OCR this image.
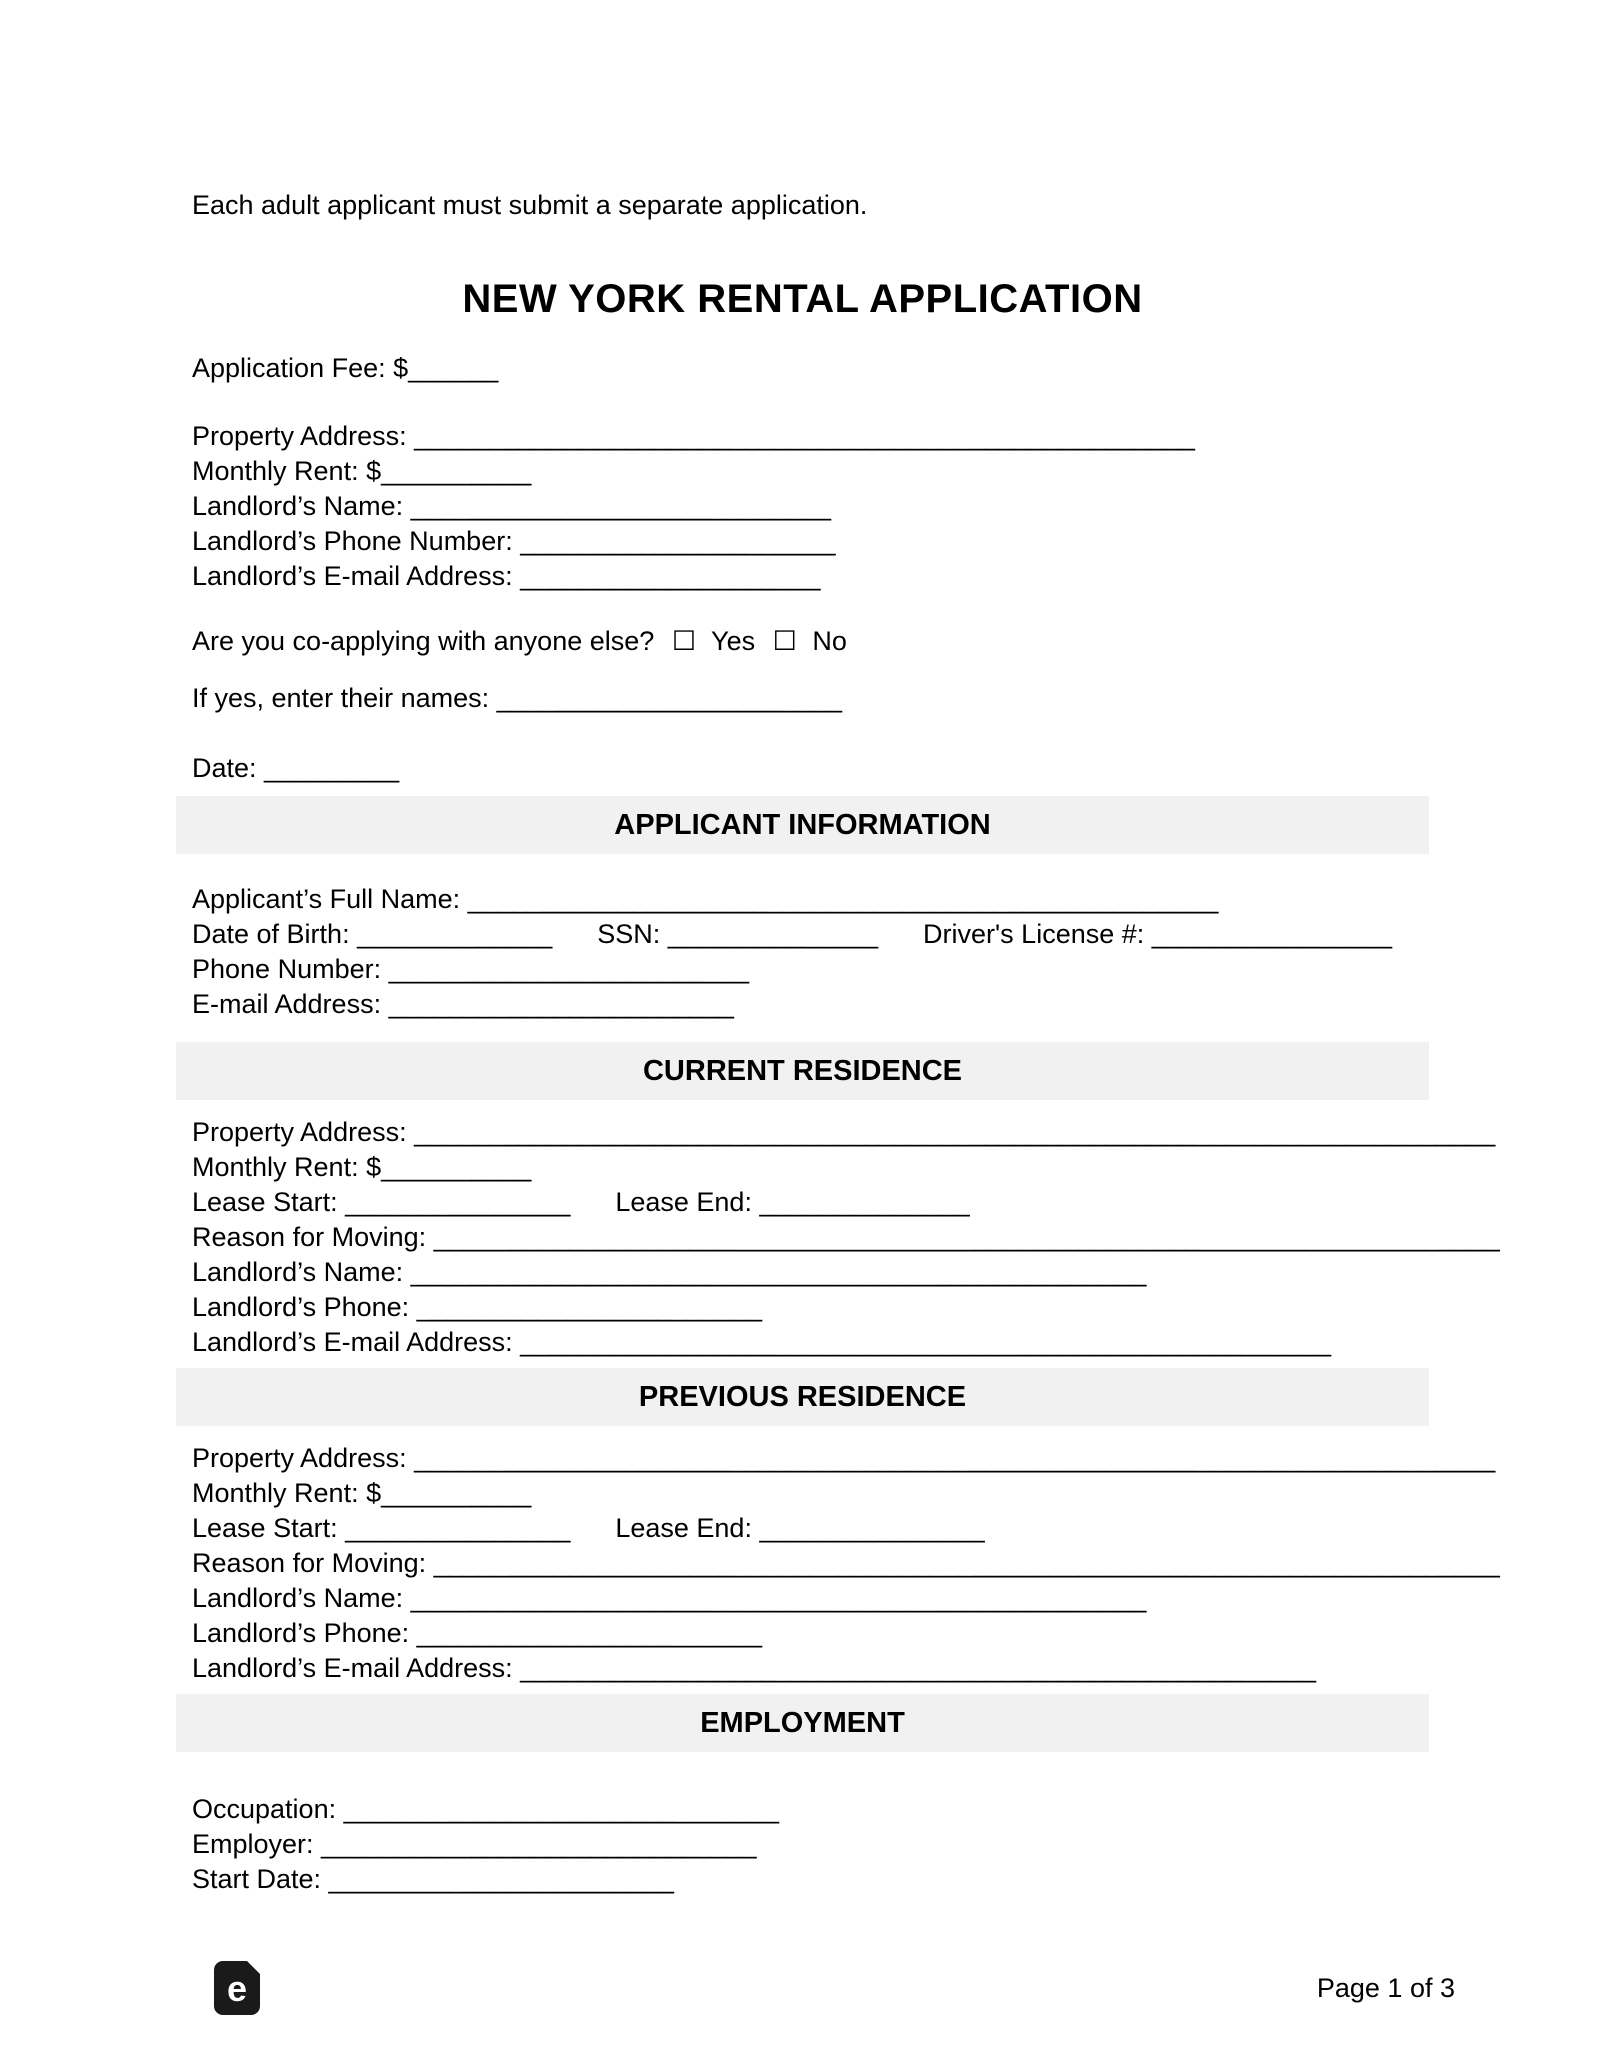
Each adult applicant must submit a separate application.

NEW YORK RENTAL APPLICATION

Application Fee: $______

Property Address: ____________________________________________________

Monthly Rent: $__________

Landlord’s Name: ____________________________

Landlord’s Phone Number: _____________________

Landlord’s E-mail Address: ____________________

Are you co-applying with anyone else? ☐ Yes ☐ No

If yes, enter their names: _______________________

Date: _________

APPLICANT INFORMATION

Applicant’s Full Name: __________________________________________________

Date of Birth: _____________ SSN: ______________ Driver's License #: ________________

Phone Number: ________________________

E-mail Address: _______________________

CURRENT RESIDENCE

Property Address: ________________________________________________________________________

Monthly Rent: $__________

Lease Start: _______________ Lease End: ______________

Reason for Moving: _______________________________________________________________________

Landlord’s Name: _________________________________________________

Landlord’s Phone: _______________________

Landlord’s E-mail Address: ______________________________________________________

PREVIOUS RESIDENCE

Property Address: ________________________________________________________________________

Monthly Rent: $__________

Lease Start: _______________ Lease End: _______________

Reason for Moving: _______________________________________________________________________

Landlord’s Name: _________________________________________________

Landlord’s Phone: _______________________

Landlord’s E-mail Address: _____________________________________________________

EMPLOYMENT

Occupation: _____________________________

Employer: _____________________________

Start Date: _______________________

e	Page 1 of 3
